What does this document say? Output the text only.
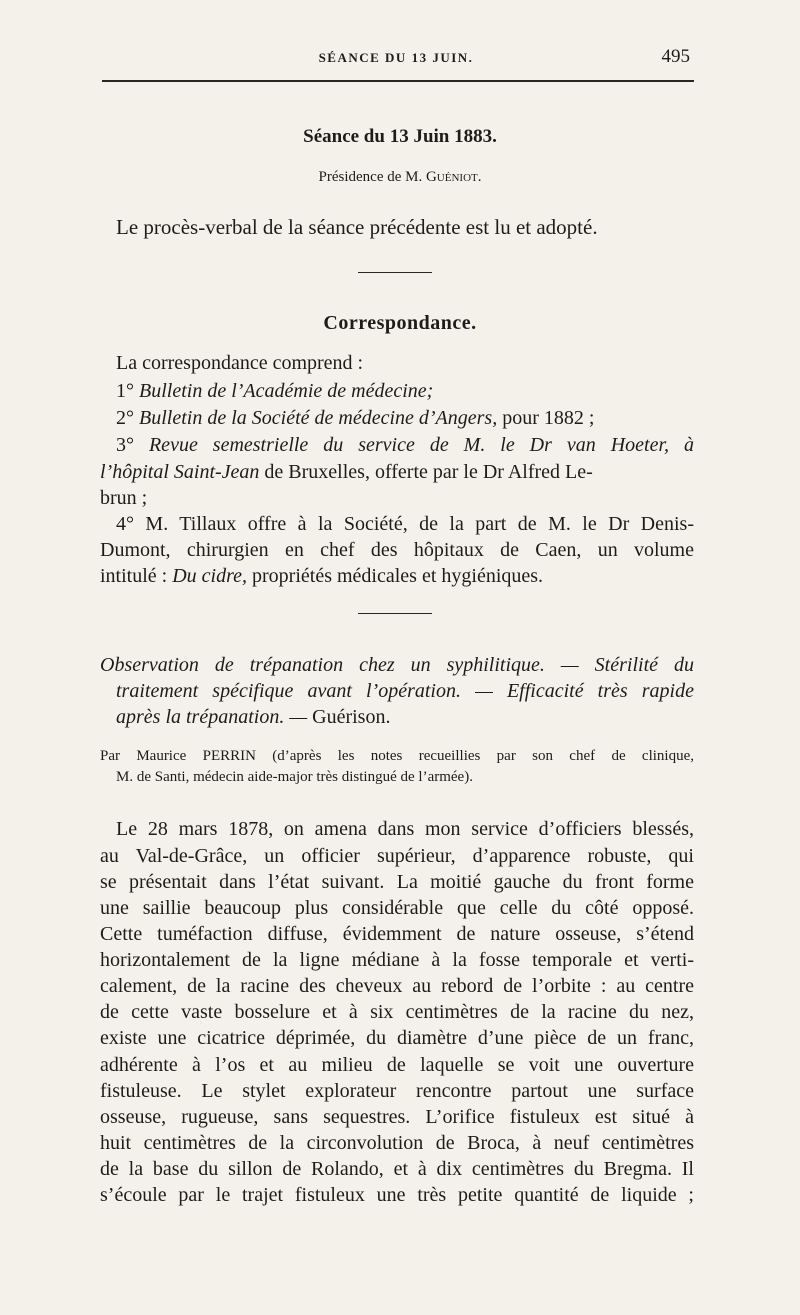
SÉANCE DU 13 JUIN.	495
Séance du 13 Juin 1883.
Présidence de M. Guéniot.
Le procès-verbal de la séance précédente est lu et adopté.
Correspondance.
La correspondance comprend :
1° Bulletin de l’Académie de médecine;
2° Bulletin de la Société de médecine d’Angers, pour 1882 ;
3° Revue semestrielle du service de M. le Dr van Hoeter, à
l’hôpital Saint-Jean de Bruxelles, offerte par le Dr Alfred Le-
brun ;
4° M. Tillaux offre à la Société, de la part de M. le Dr Denis-
Dumont, chirurgien en chef des hôpitaux de Caen, un volume
intitulé : Du cidre, propriétés médicales et hygiéniques.
Observation de trépanation chez un syphilitique. — Stérilité du
traitement spécifique avant l’opération. — Efficacité très rapide
après la trépanation. — Guérison.
Par Maurice PERRIN (d’après les notes recueillies par son chef de clinique,
M. de Santi, médecin aide-major très distingué de l’armée).
Le 28 mars 1878, on amena dans mon service d’officiers blessés,
au Val-de-Grâce, un officier supérieur, d’apparence robuste, qui
se présentait dans l’état suivant. La moitié gauche du front forme
une saillie beaucoup plus considérable que celle du côté opposé.
Cette tuméfaction diffuse, évidemment de nature osseuse, s’étend
horizontalement de la ligne médiane à la fosse temporale et verti-
calement, de la racine des cheveux au rebord de l’orbite : au centre
de cette vaste bosselure et à six centimètres de la racine du nez,
existe une cicatrice déprimée, du diamètre d’une pièce de un franc,
adhérente à l’os et au milieu de laquelle se voit une ouverture
fistuleuse. Le stylet explorateur rencontre partout une surface
osseuse, rugueuse, sans sequestres. L’orifice fistuleux est situé à
huit centimètres de la circonvolution de Broca, à neuf centimètres
de la base du sillon de Rolando, et à dix centimètres du Bregma. Il
s’écoule par le trajet fistuleux une très petite quantité de liquide ;
